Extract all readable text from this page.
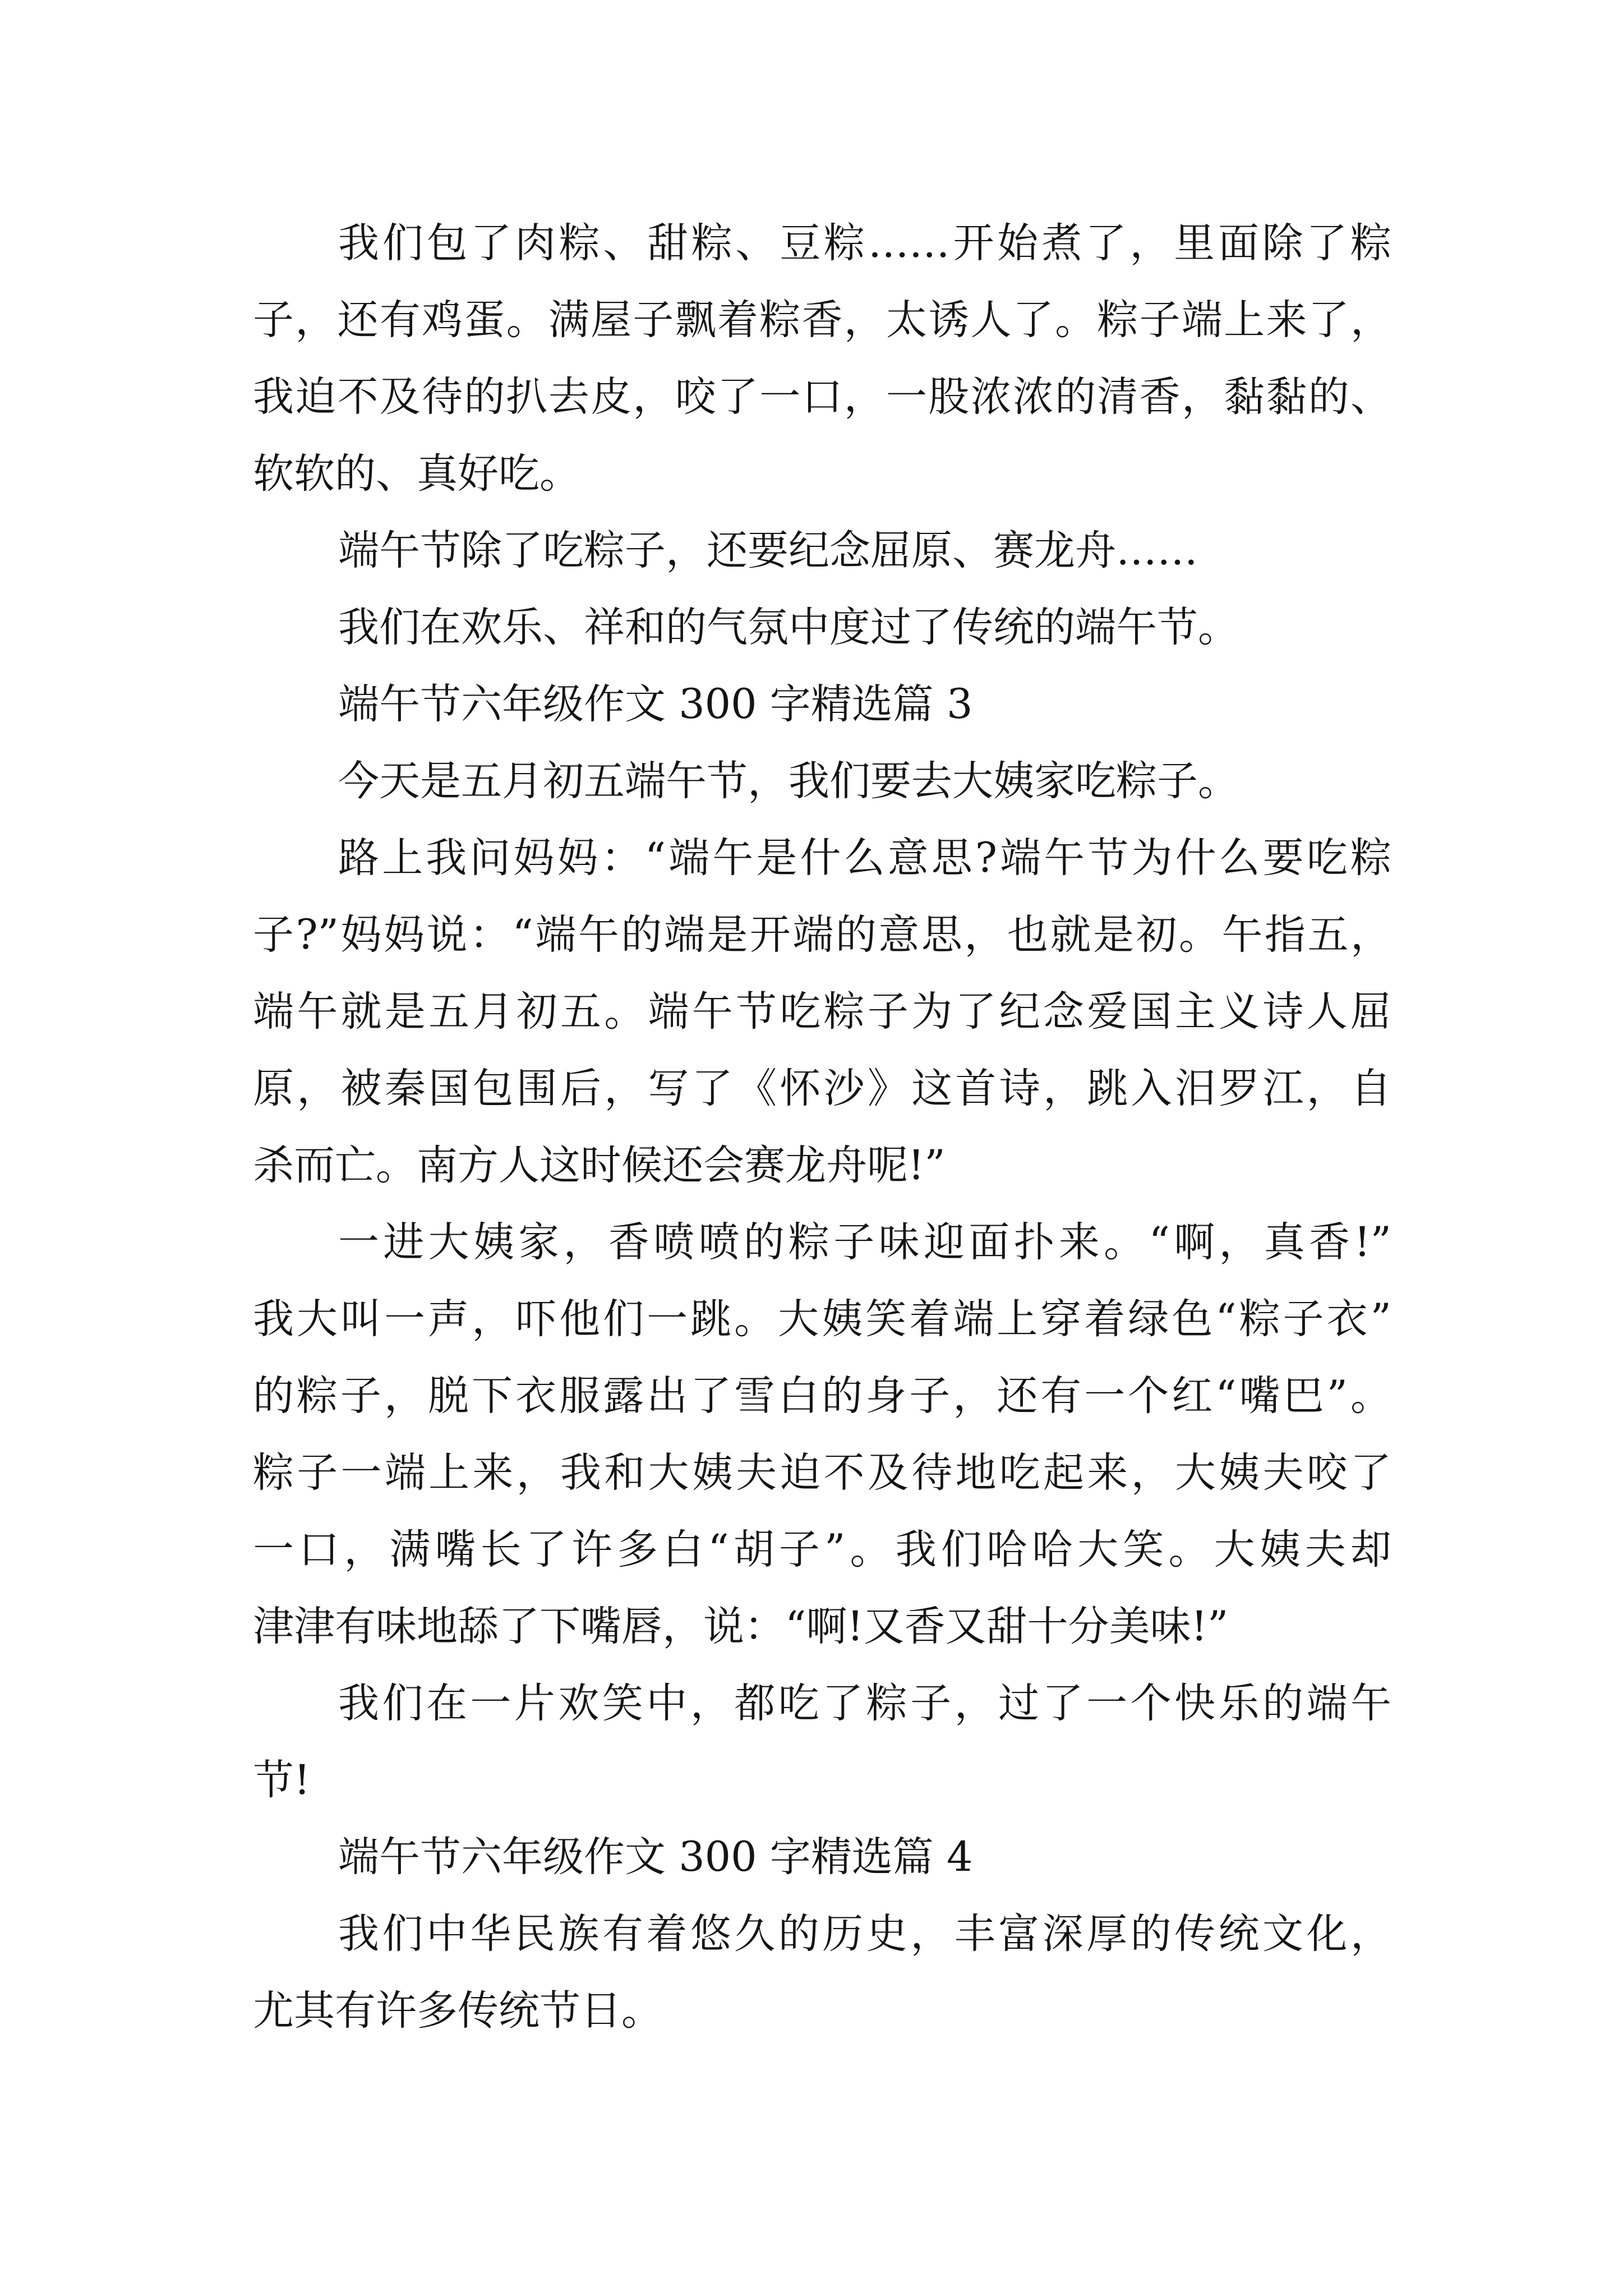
我们包了肉粽、甜粽、豆粽……开始煮了，里面除了粽
子，还有鸡蛋。满屋子飘着粽香，太诱人了。粽子端上来了，
我迫不及待的扒去皮，咬了一口，一股浓浓的清香，黏黏的、
软软的、真好吃。
端午节除了吃粽子，还要纪念屈原、赛龙舟……
我们在欢乐、祥和的气氛中度过了传统的端午节。
端午节六年级作文 300 字精选篇 3
今天是五月初五端午节，我们要去大姨家吃粽子。
路上我问妈妈：“端午是什么意思?端午节为什么要吃粽
子?”妈妈说：“端午的端是开端的意思，也就是初。午指五，
端午就是五月初五。端午节吃粽子为了纪念爱国主义诗人屈
原，被秦国包围后，写了《怀沙》这首诗，跳入汨罗江，自
杀而亡。南方人这时候还会赛龙舟呢!”
一进大姨家，香喷喷的粽子味迎面扑来。“啊，真香!”
我大叫一声，吓他们一跳。大姨笑着端上穿着绿色“粽子衣”
的粽子，脱下衣服露出了雪白的身子，还有一个红“嘴巴”。
粽子一端上来，我和大姨夫迫不及待地吃起来，大姨夫咬了
一口，满嘴长了许多白“胡子”。我们哈哈大笑。大姨夫却
津津有味地舔了下嘴唇，说：“啊!又香又甜十分美味!”
我们在一片欢笑中，都吃了粽子，过了一个快乐的端午
节!
端午节六年级作文 300 字精选篇 4
我们中华民族有着悠久的历史，丰富深厚的传统文化，
尤其有许多传统节日。
